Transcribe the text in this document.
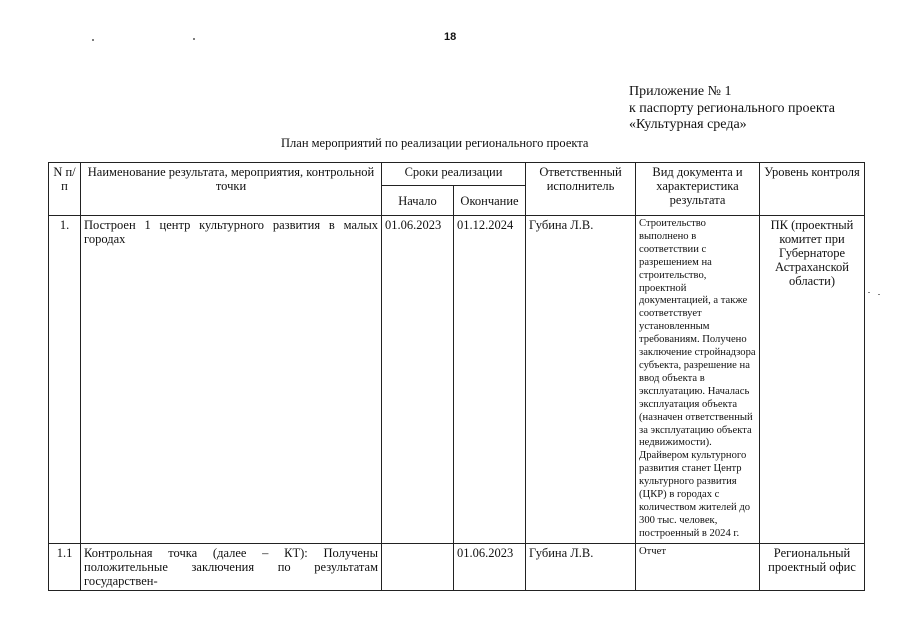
18
Приложение № 1
к паспорту регионального проекта
«Культурная среда»
План мероприятий по реализации регионального проекта
N п/п	Наименование результата, мероприятия, контрольной точки	Сроки реализации		Ответственный исполнитель	Вид документа и характеристика результата	Уровень контроля
		Начало	Окончание			
1.	Построен 1 центр культурного развития в малых городах	01.06.2023	01.12.2024	Губина Л.В.	Строительство выполнено в соответствии с разрешением на строительство, проектной документацией, а также соответствует установленным требованиям. Получено заключение стройнадзора субъекта, разрешение на ввод объекта в эксплуатацию. Началась эксплуатация объекта (назначен ответственный за эксплуатацию объекта недвижимости). Драйвером культурного развития станет Центр культурного развития (ЦКР) в городах с количеством жителей до 300 тыс. человек, построенный в 2024 г.	ПК (проектный комитет при Губернаторе Астраханской области)
1.1	Контрольная точка (далее – КТ): Получены положительные заключения по результатам государствен-		01.06.2023	Губина Л.В.	Отчет	Региональный проектный офис
